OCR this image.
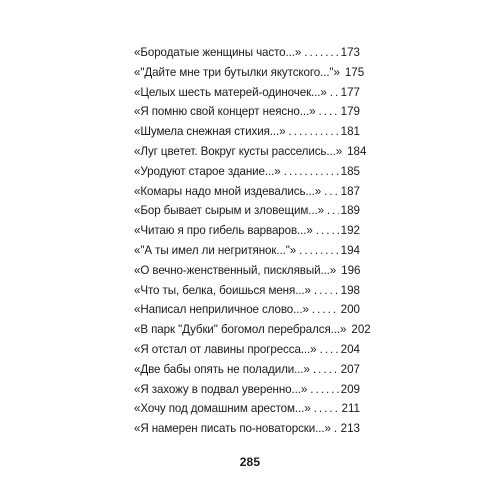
«Бородатые женщины часто...» . . .	173
«"Дайте мне три бутылки якутского..."» 175
«Целых шесть матерей-одиночек...» . . . 177
«Я помню свой концерт неясно...» . . . 179
«Шумела снежная стихия...» . . .	181
«Луг цветет. Вокруг кусты расселись...» 184
«Уродуют старое здание...» . . .	185
«Комары надо мной издевались...» . . . 187
«Бор бывает сырым и зловещим...» . . . 189
«Читаю я про гибель варваров...» . . . 192
«"А ты имел ли негритянок..."» . . .	194
«О вечно-женственный, писклявый...» 196
«Что ты, белка, боишься меня...» . . .	198
«Написал неприличное слово...» . . .	200
«В парк "Дубки" богомол перебрался...» 202
«Я отстал от лавины прогресса...» . . . 204
«Две бабы опять не поладили...» . . .	207
«Я захожу в подвал уверенно...» . . .	209
«Хочу под домашним арестом...» . . .	211
«Я намерен писать по-новаторски...» . . . 213
285
